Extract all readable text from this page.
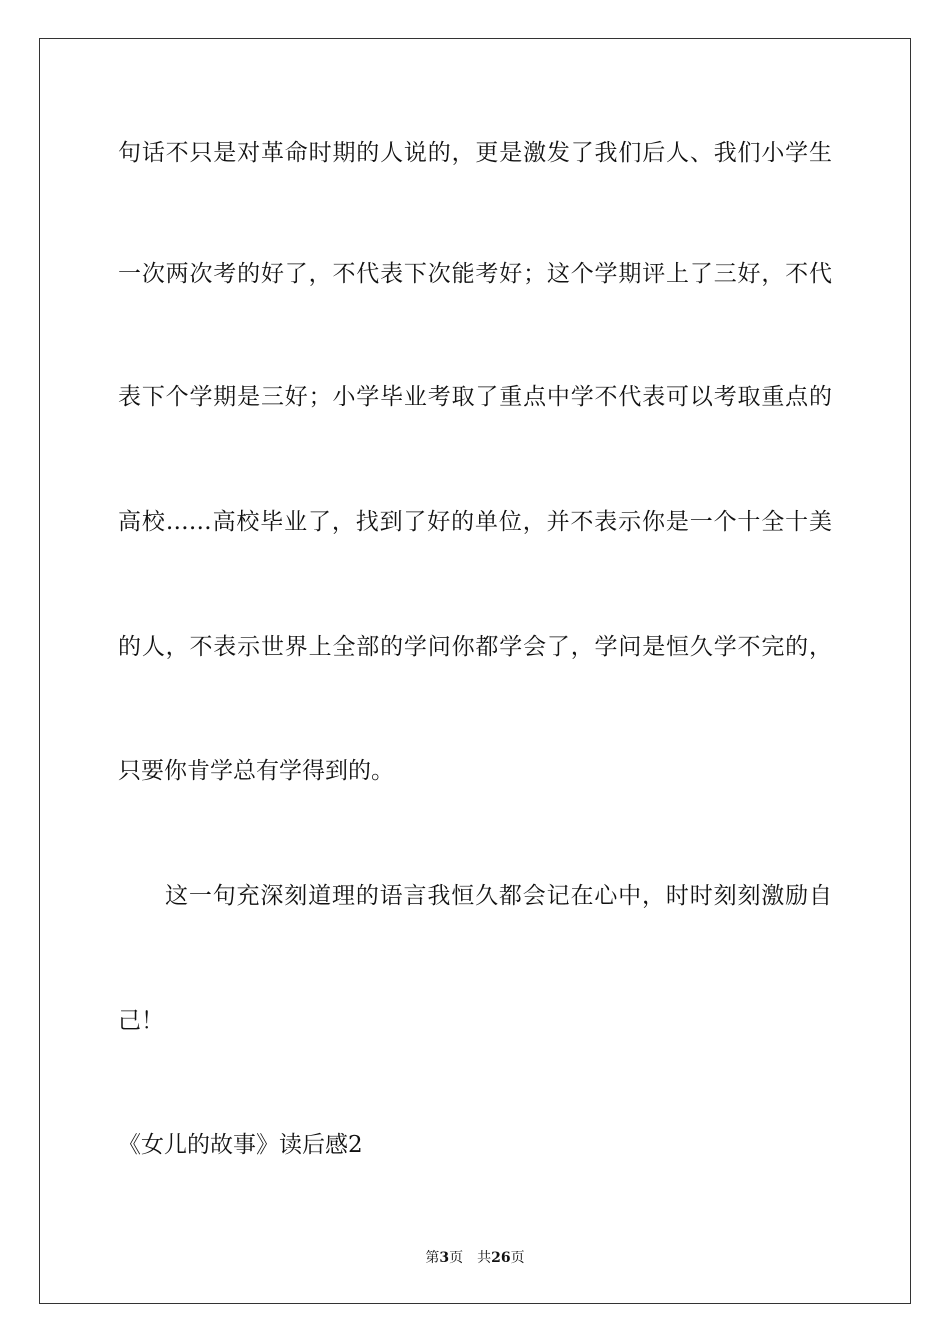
句话不只是对革命时期的人说的，更是激发了我们后人、我们小学生
一次两次考的好了，不代表下次能考好；这个学期评上了三好，不代
表下个学期是三好；小学毕业考取了重点中学不代表可以考取重点的
高校……高校毕业了，找到了好的单位，并不表示你是一个十全十美
的人，不表示世界上全部的学问你都学会了，学问是恒久学不完的，
只要你肯学总有学得到的。
这一句充深刻道理的语言我恒久都会记在心中，时时刻刻激励自
己！
《女儿的故事》读后感2
第3页 共26页
